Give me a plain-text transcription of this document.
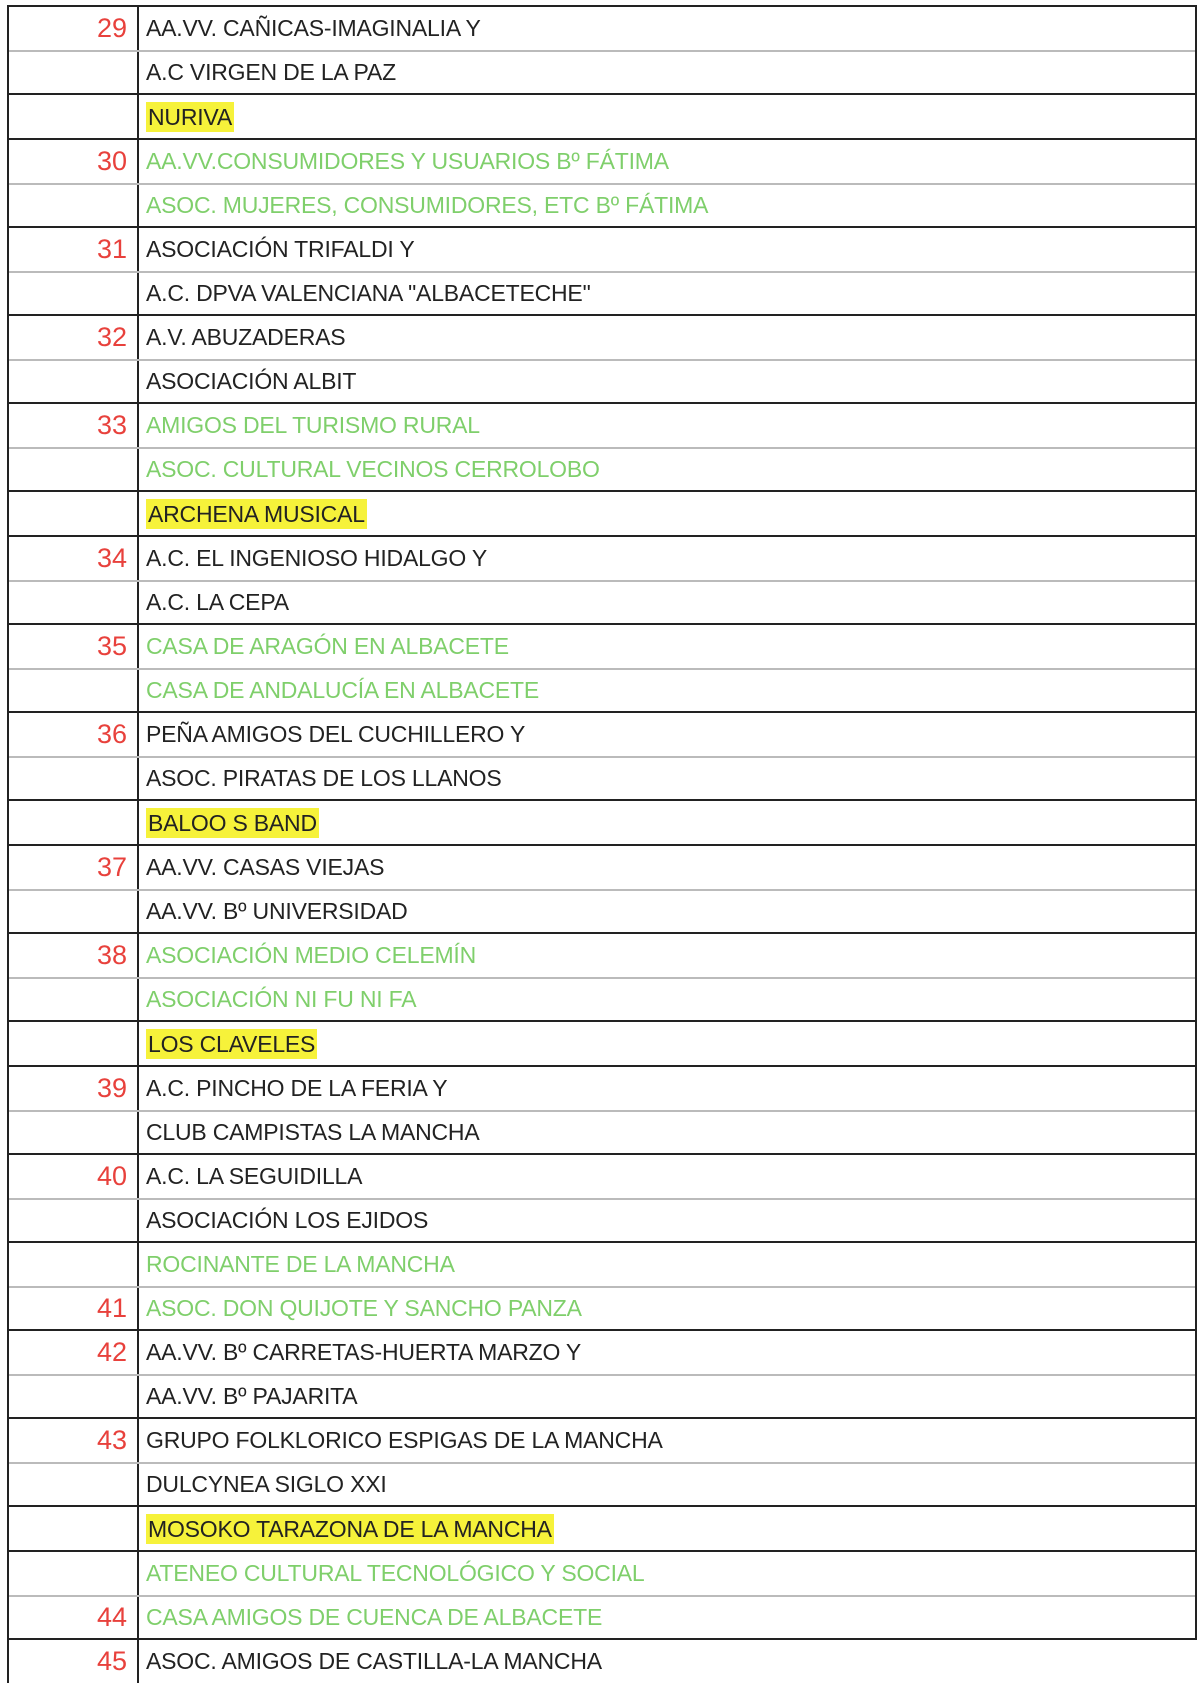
29 AA.VV. CAÑICAS-IMAGINALIA Y
A.C VIRGEN DE LA PAZ
NURIVA
30 AA.VV.CONSUMIDORES Y USUARIOS Bº FÁTIMA
ASOC. MUJERES, CONSUMIDORES, ETC Bº FÁTIMA
31 ASOCIACIÓN TRIFALDI Y
A.C. DPVA VALENCIANA "ALBACETECHE"
32 A.V. ABUZADERAS
ASOCIACIÓN ALBIT
33 AMIGOS DEL TURISMO RURAL
ASOC. CULTURAL VECINOS CERROLOBO
ARCHENA MUSICAL
34 A.C. EL INGENIOSO HIDALGO Y
A.C. LA CEPA
35 CASA DE ARAGÓN EN ALBACETE
CASA DE ANDALUCÍA EN ALBACETE
36 PEÑA AMIGOS DEL CUCHILLERO Y
ASOC. PIRATAS DE LOS LLANOS
BALOO S BAND
37 AA.VV. CASAS VIEJAS
AA.VV. Bº UNIVERSIDAD
38 ASOCIACIÓN MEDIO CELEMÍN
ASOCIACIÓN NI FU NI FA
LOS CLAVELES
39 A.C. PINCHO DE LA FERIA Y
CLUB CAMPISTAS LA MANCHA
40 A.C. LA SEGUIDILLA
ASOCIACIÓN LOS EJIDOS
ROCINANTE DE LA MANCHA
41 ASOC. DON QUIJOTE Y SANCHO PANZA
42 AA.VV. Bº CARRETAS-HUERTA MARZO Y
AA.VV. Bº PAJARITA
43 GRUPO FOLKLORICO ESPIGAS DE LA MANCHA
DULCYNEA SIGLO XXI
MOSOKO TARAZONA DE LA MANCHA
ATENEO CULTURAL TECNOLÓGICO Y SOCIAL
44 CASA AMIGOS DE CUENCA DE ALBACETE
45 ASOC. AMIGOS DE CASTILLA-LA MANCHA
